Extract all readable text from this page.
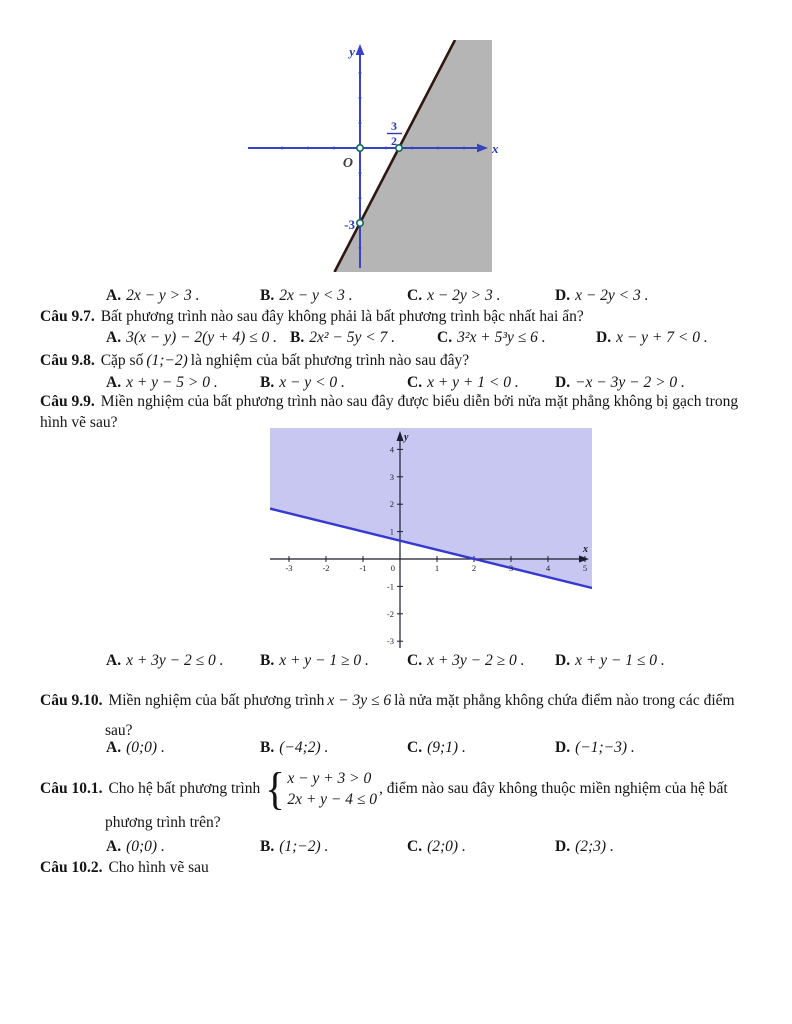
y
x
O
3
2
-3
A. 2x − y > 3 .	B. 2x − y < 3 .	C. x − 2y > 3 .	D. x − 2y < 3 .
Câu 9.7. Bất phương trình nào sau đây không phải là bất phương trình bậc nhất hai ẩn?
A. 3(x − y) − 2(y + 4) ≤ 0 . B. 2x² − 5y < 7 .	C. 3²x + 5³y ≤ 6 .	D. x − y + 7 < 0 .
Câu 9.8. Cặp số (1;−2) là nghiệm của bất phương trình nào sau đây?
A. x + y − 5 > 0 .	B. x − y < 0 .	C. x + y + 1 < 0 . D. −x − 3y − 2 > 0 .
Câu 9.9. Miền nghiệm của bất phương trình nào sau đây được biểu diễn bởi nửa mặt phẳng không bị gạch trong
hình vẽ sau?
-3	-2	-1	0	1	2	3	4	5
4
3
2
1
-1
-2
-3
x
y
A. x + 3y − 2 ≤ 0 . B. x + y − 1 ≥ 0 . C. x + 3y − 2 ≥ 0 . D. x + y − 1 ≤ 0 .
Câu 9.10. Miền nghiệm của bất phương trình x − 3y ≤ 6 là nửa mặt phẳng không chứa điểm nào trong các điểm
sau?
A. (0;0) .	B. (−4;2) .	C. (9;1) .	D. (−1;−3) .
Câu 10.1. Cho hệ bất phương trình { x − y + 3 > 0
2x + y − 4 ≤ 0
, điểm nào sau đây không thuộc miền nghiệm của hệ bất
phương trình trên?
A. (0;0) .	B. (1;−2) .	C. (2;0) .	D. (2;3) .
Câu 10.2. Cho hình vẽ sau
